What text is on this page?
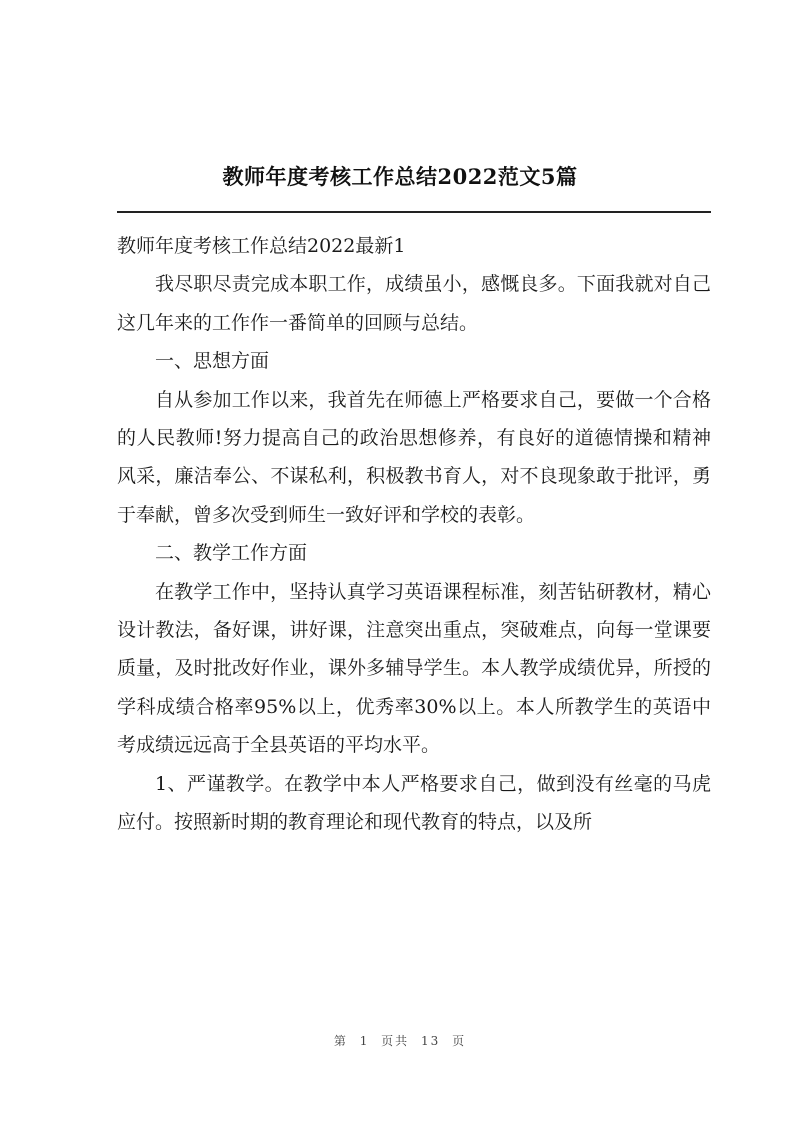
教师年度考核工作总结2022范文5篇

教师年度考核工作总结2022最新1

我尽职尽责完成本职工作，成绩虽小，感慨良多。下面我就对自己这几年来的工作作一番简单的回顾与总结。

一、思想方面

自从参加工作以来，我首先在师德上严格要求自己，要做一个合格的人民教师!努力提高自己的政治思想修养，有良好的道德情操和精神风采，廉洁奉公、不谋私利，积极教书育人，对不良现象敢于批评，勇于奉献，曾多次受到师生一致好评和学校的表彰。

二、教学工作方面

在教学工作中，坚持认真学习英语课程标准，刻苦钻研教材，精心设计教法，备好课，讲好课，注意突出重点，突破难点，向每一堂课要质量，及时批改好作业，课外多辅导学生。本人教学成绩优异，所授的学科成绩合格率95%以上，优秀率30%以上。本人所教学生的英语中考成绩远远高于全县英语的平均水平。

1、严谨教学。在教学中本人严格要求自己，做到没有丝毫的马虎应付。按照新时期的教育理论和现代教育的特点，以及所

第 1 页共 13 页
